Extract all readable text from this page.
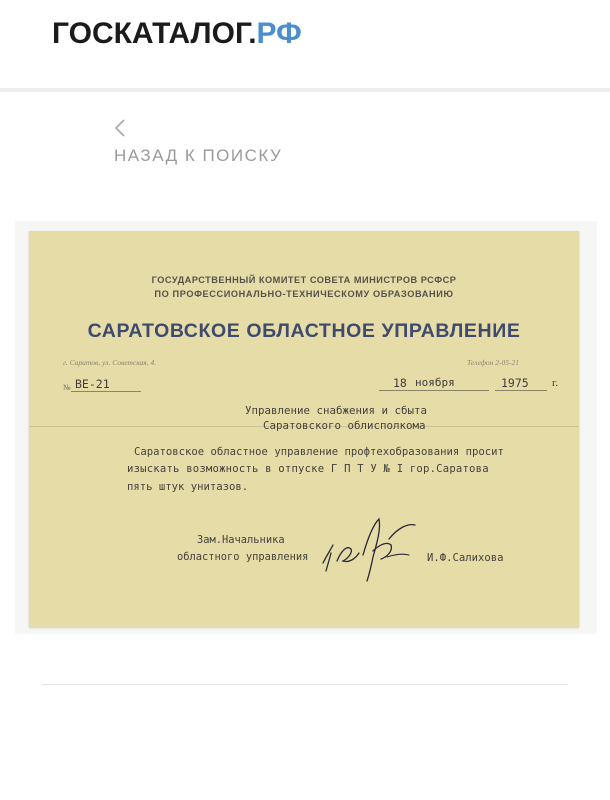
ГОСКАТАЛОГ.РФ
НАЗАД К ПОИСКУ
ГОСУДАРСТВЕННЫЙ КОМИТЕТ СОВЕТА МИНИСТРОВ РСФСР
ПО ПРОФЕССИОНАЛЬНО-ТЕХНИЧЕСКОМУ ОБРАЗОВАНИЮ
САРАТОВСКОЕ ОБЛАСТНОЕ УПРАВЛЕНИЕ
г. Саратов, ул. Советская, 4.	Телефон 2-05-21
№ ВЕ-21	18 ноября	1975 г.
Управление снабжения и сбыта
Саратовского облисполкома
Саратовское областное управление профтехобразования просит
изыскать возможность в отпуске Г П Т У № I гор.Саратова
пять штук унитазов.
Зам.Начальника
областного управления	И.Ф.Салихова
